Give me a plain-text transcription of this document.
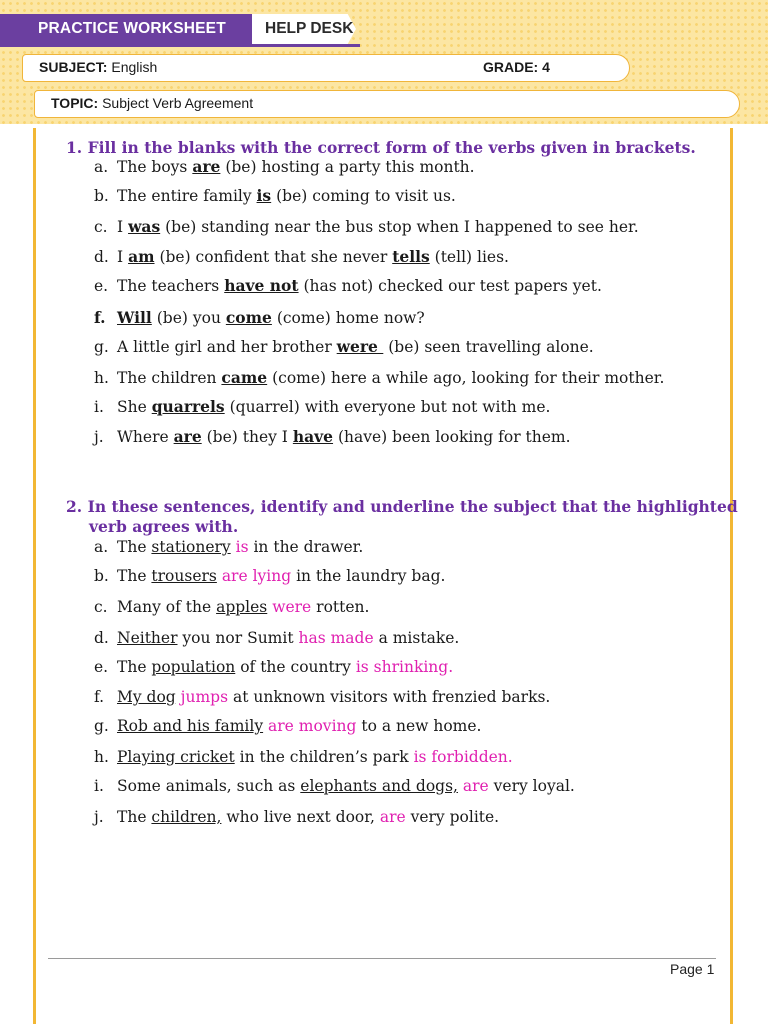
PRACTICE WORKSHEET	HELP DESK
SUBJECT: English	GRADE: 4
TOPIC: Subject Verb Agreement
1. Fill in the blanks with the correct form of the verbs given in brackets.
a. The boys are (be) hosting a party this month.
b. The entire family is (be) coming to visit us.
c. I was (be) standing near the bus stop when I happened to see her.
d. I am (be) confident that she never tells (tell) lies.
e. The teachers have not (has not) checked our test papers yet.
f. Will (be) you come (come) home now?
g. A little girl and her brother were  (be) seen travelling alone.
h. The children came (come) here a while ago, looking for their mother.
i. She quarrels (quarrel) with everyone but not with me.
j. Where are (be) they I have (have) been looking for them.
2. In these sentences, identify and underline the subject that the highlighted
verb agrees with.
a. The stationery is in the drawer.
b. The trousers are lying in the laundry bag.
c. Many of the apples were rotten.
d. Neither you nor Sumit has made a mistake.
e. The population of the country is shrinking.
f. My dog jumps at unknown visitors with frenzied barks.
g. Rob and his family are moving to a new home.
h. Playing cricket in the children’s park is forbidden.
i. Some animals, such as elephants and dogs, are very loyal.
j. The children, who live next door, are very polite.
Page 1
